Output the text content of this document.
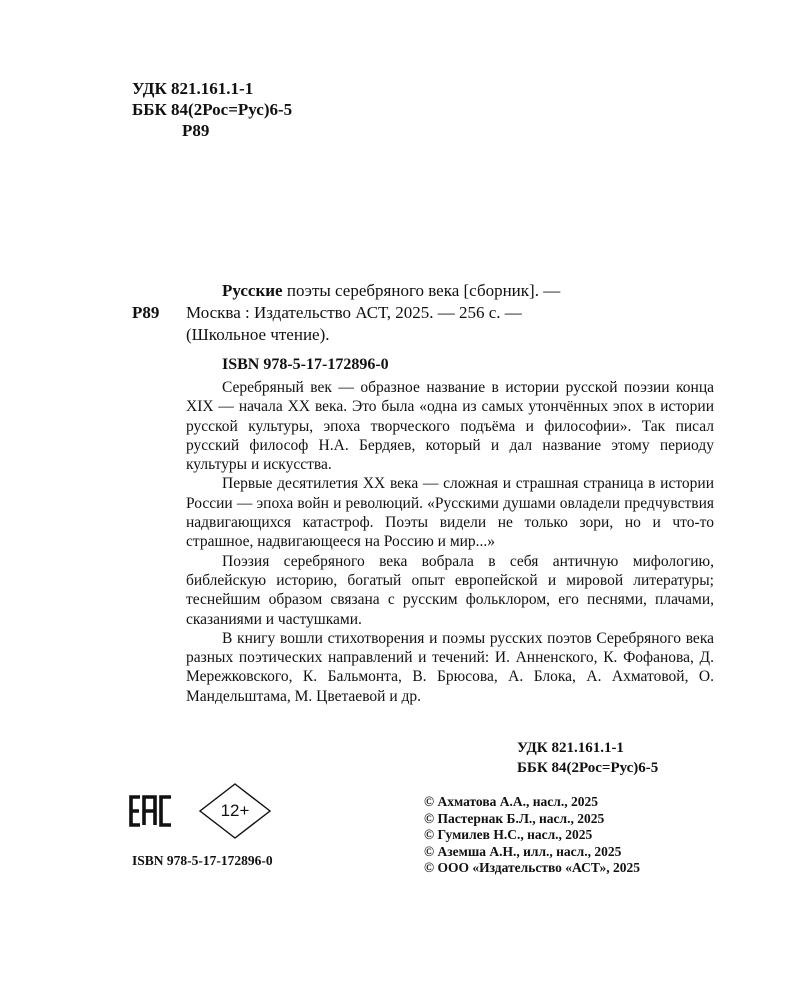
УДК 821.161.1-1
ББК 84(2Рос=Рус)6-5
Р89
Р89
Русские поэты серебряного века [сборник]. —
Москва : Издательство АСТ, 2025. — 256 с. —
(Школьное чтение).
ISBN 978-5-17-172896-0

Серебряный век — образное название в истории русской поэзии конца XIX — начала XX века. Это была «одна из самых утончённых эпох в истории русской культуры, эпоха творческого подъёма и философии». Так писал русский философ Н.А. Бердяев, который и дал название этому периоду культуры и искусства.

Первые десятилетия XX века — сложная и страшная страница в истории России — эпоха войн и революций. «Русскими душами овладели предчувствия надвигающихся катастроф. Поэты видели не только зори, но и что-то страшное, надвигающееся на Россию и мир...»

Поэзия серебряного века вобрала в себя античную мифологию, библейскую историю, богатый опыт европейской и мировой литературы; теснейшим образом связана с русским фольклором, его песнями, плачами, сказаниями и частушками.

В книгу вошли стихотворения и поэмы русских поэтов Серебряного века разных поэтических направлений и течений: И. Анненского, К. Фофанова, Д. Мережковского, К. Бальмонта, В. Брюсова, А. Блока, А. Ахматовой, О. Мандельштама, М. Цветаевой и др.

УДК 821.161.1-1
ББК 84(2Рос=Рус)6-5
12+	© Ахматова А.А., насл., 2025
© Пастернак Б.Л., насл., 2025
© Гумилев Н.С., насл., 2025
© Аземша А.Н., илл., насл., 2025
© ООО «Издательство «АСТ», 2025
ISBN 978-5-17-172896-0
